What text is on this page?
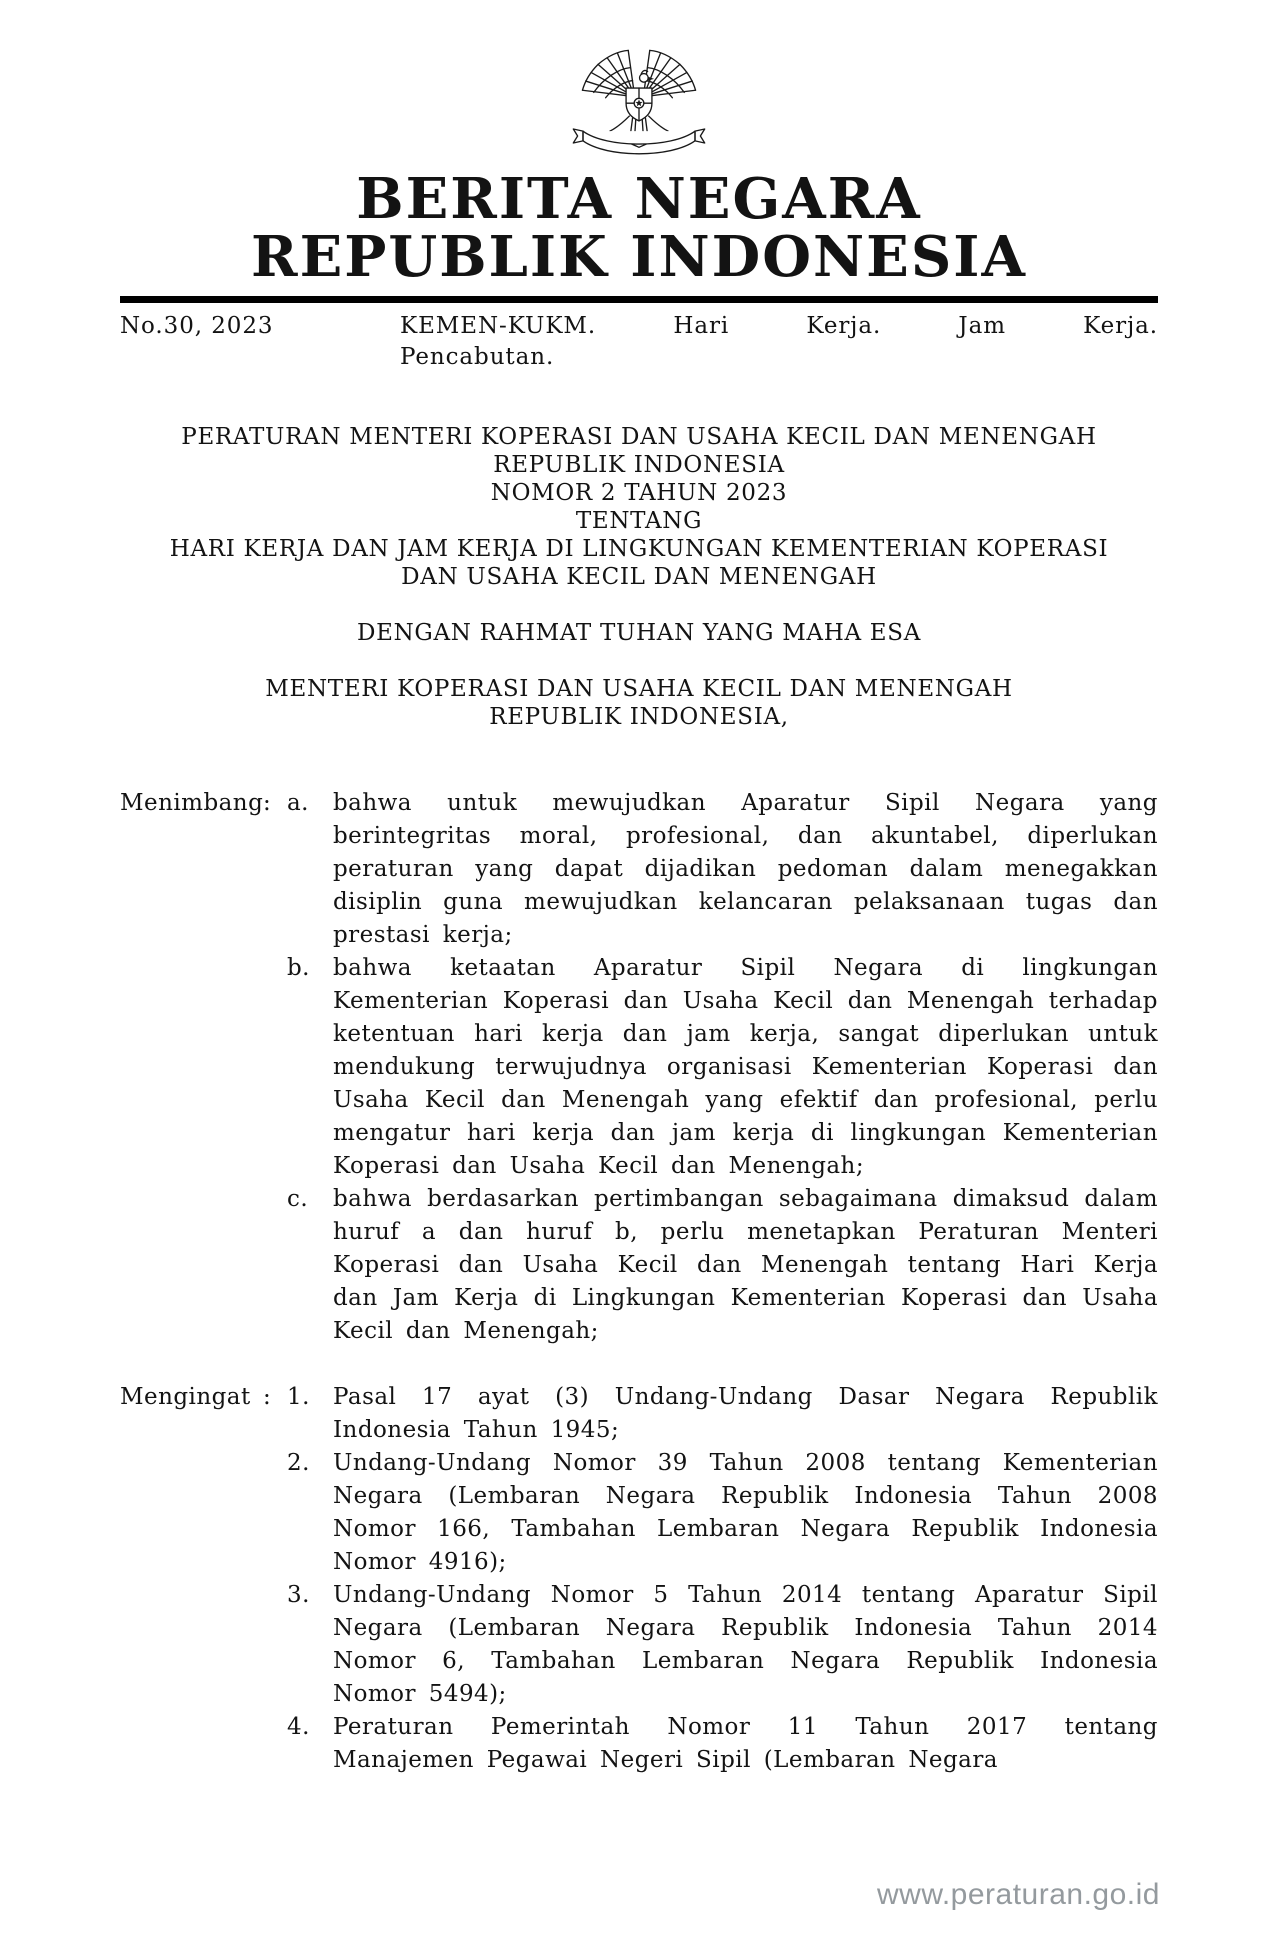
BERITA NEGARA
REPUBLIK INDONESIA
No.30, 2023	KEMEN-KUKM. Hari Kerja. Jam Kerja.
Pencabutan.
PERATURAN MENTERI KOPERASI DAN USAHA KECIL DAN MENENGAH
REPUBLIK INDONESIA
NOMOR 2 TAHUN 2023
TENTANG
HARI KERJA DAN JAM KERJA DI LINGKUNGAN KEMENTERIAN KOPERASI
DAN USAHA KECIL DAN MENENGAH
DENGAN RAHMAT TUHAN YANG MAHA ESA
MENTERI KOPERASI DAN USAHA KECIL DAN MENENGAH
REPUBLIK INDONESIA,
Menimbang : a.	bahwa untuk mewujudkan Aparatur Sipil Negara yang berintegritas moral, profesional, dan akuntabel, diperlukan peraturan yang dapat dijadikan pedoman dalam menegakkan disiplin guna mewujudkan kelancaran pelaksanaan tugas dan prestasi kerja;
b.	bahwa ketaatan Aparatur Sipil Negara di lingkungan Kementerian Koperasi dan Usaha Kecil dan Menengah terhadap ketentuan hari kerja dan jam kerja, sangat diperlukan untuk mendukung terwujudnya organisasi Kementerian Koperasi dan Usaha Kecil dan Menengah yang efektif dan profesional, perlu mengatur hari kerja dan jam kerja di lingkungan Kementerian Koperasi dan Usaha Kecil dan Menengah;
c.	bahwa berdasarkan pertimbangan sebagaimana dimaksud dalam huruf a dan huruf b, perlu menetapkan Peraturan Menteri Koperasi dan Usaha Kecil dan Menengah tentang Hari Kerja dan Jam Kerja di Lingkungan Kementerian Koperasi dan Usaha Kecil dan Menengah;
Mengingat : 1.	Pasal 17 ayat (3) Undang-Undang Dasar Negara Republik Indonesia Tahun 1945;
2.	Undang-Undang Nomor 39 Tahun 2008 tentang Kementerian Negara (Lembaran Negara Republik Indonesia Tahun 2008 Nomor 166, Tambahan Lembaran Negara Republik Indonesia Nomor 4916);
3.	Undang-Undang Nomor 5 Tahun 2014 tentang Aparatur Sipil Negara (Lembaran Negara Republik Indonesia Tahun 2014 Nomor 6, Tambahan Lembaran Negara Republik Indonesia Nomor 5494);
4.	Peraturan Pemerintah Nomor 11 Tahun 2017 tentang Manajemen Pegawai Negeri Sipil (Lembaran Negara
www.peraturan.go.id
